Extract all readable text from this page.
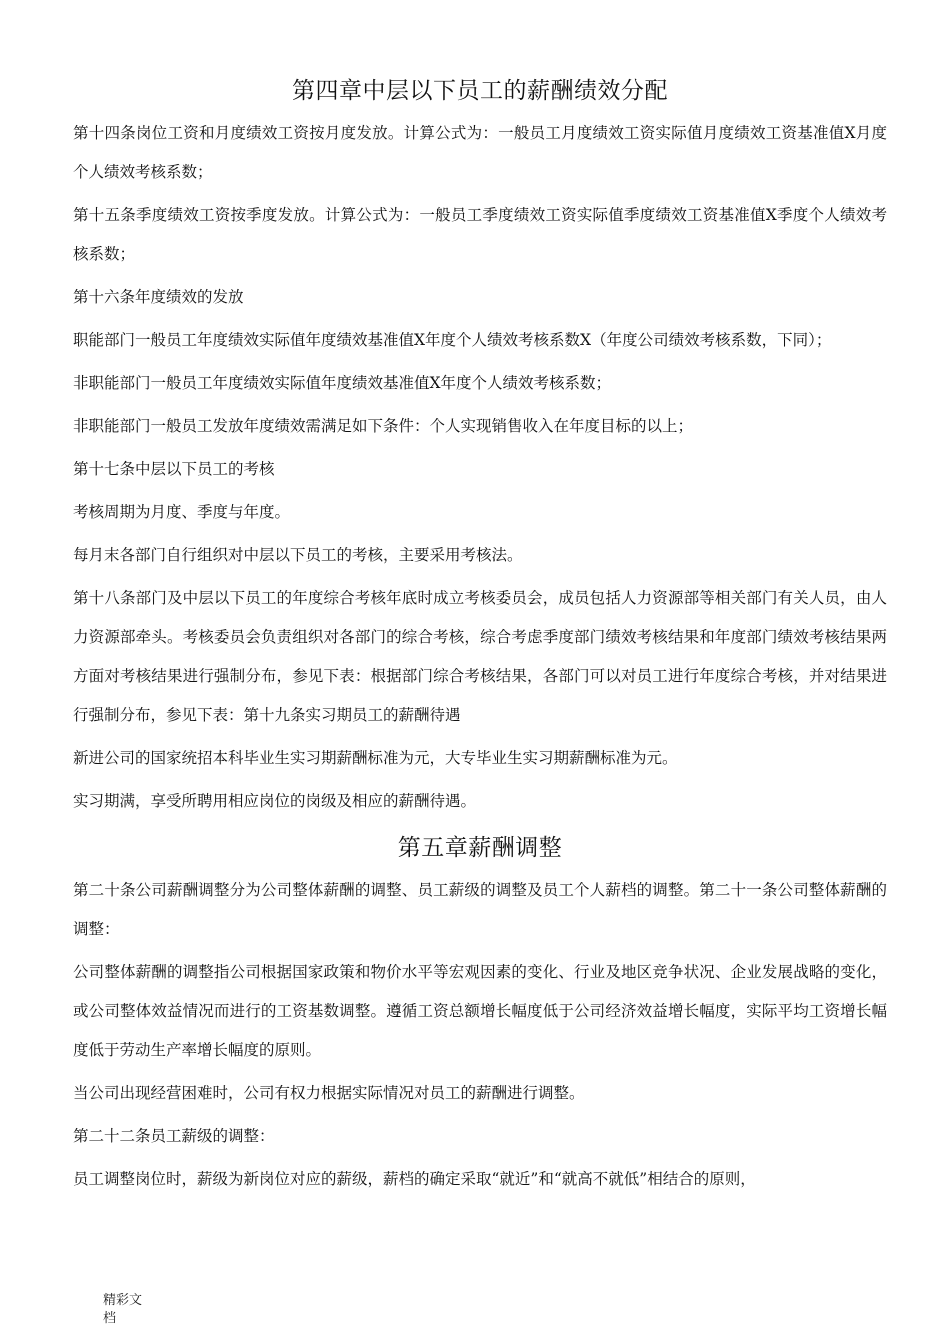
第四章中层以下员工的薪酬绩效分配

第十四条岗位工资和月度绩效工资按月度发放。计算公式为：一般员工月度绩效工资实际值月度绩效工资基准值X月度个人绩效考核系数；

第十五条季度绩效工资按季度发放。计算公式为：一般员工季度绩效工资实际值季度绩效工资基准值X季度个人绩效考核系数；

第十六条年度绩效的发放

职能部门一般员工年度绩效实际值年度绩效基准值X年度个人绩效考核系数X（年度公司绩效考核系数，下同）；

非职能部门一般员工年度绩效实际值年度绩效基准值X年度个人绩效考核系数；

非职能部门一般员工发放年度绩效需满足如下条件：个人实现销售收入在年度目标的以上；

第十七条中层以下员工的考核

考核周期为月度、季度与年度。

每月末各部门自行组织对中层以下员工的考核，主要采用考核法。

第十八条部门及中层以下员工的年度综合考核年底时成立考核委员会，成员包括人力资源部等相关部门有关人员，由人力资源部牵头。考核委员会负责组织对各部门的综合考核，综合考虑季度部门绩效考核结果和年度部门绩效考核结果两方面对考核结果进行强制分布，参见下表：根据部门综合考核结果，各部门可以对员工进行年度综合考核，并对结果进行强制分布，参见下表：第十九条实习期员工的薪酬待遇

新进公司的国家统招本科毕业生实习期薪酬标准为元，大专毕业生实习期薪酬标准为元。

实习期满，享受所聘用相应岗位的岗级及相应的薪酬待遇。

第五章薪酬调整

第二十条公司薪酬调整分为公司整体薪酬的调整、员工薪级的调整及员工个人薪档的调整。第二十一条公司整体薪酬的调整：

公司整体薪酬的调整指公司根据国家政策和物价水平等宏观因素的变化、行业及地区竞争状况、企业发展战略的变化，或公司整体效益情况而进行的工资基数调整。遵循工资总额增长幅度低于公司经济效益增长幅度，实际平均工资增长幅度低于劳动生产率增长幅度的原则。

当公司出现经营困难时，公司有权力根据实际情况对员工的薪酬进行调整。

第二十二条员工薪级的调整：

员工调整岗位时，薪级为新岗位对应的薪级，薪档的确定采取“就近”和“就高不就低”相结合的原则，

精彩文
档
